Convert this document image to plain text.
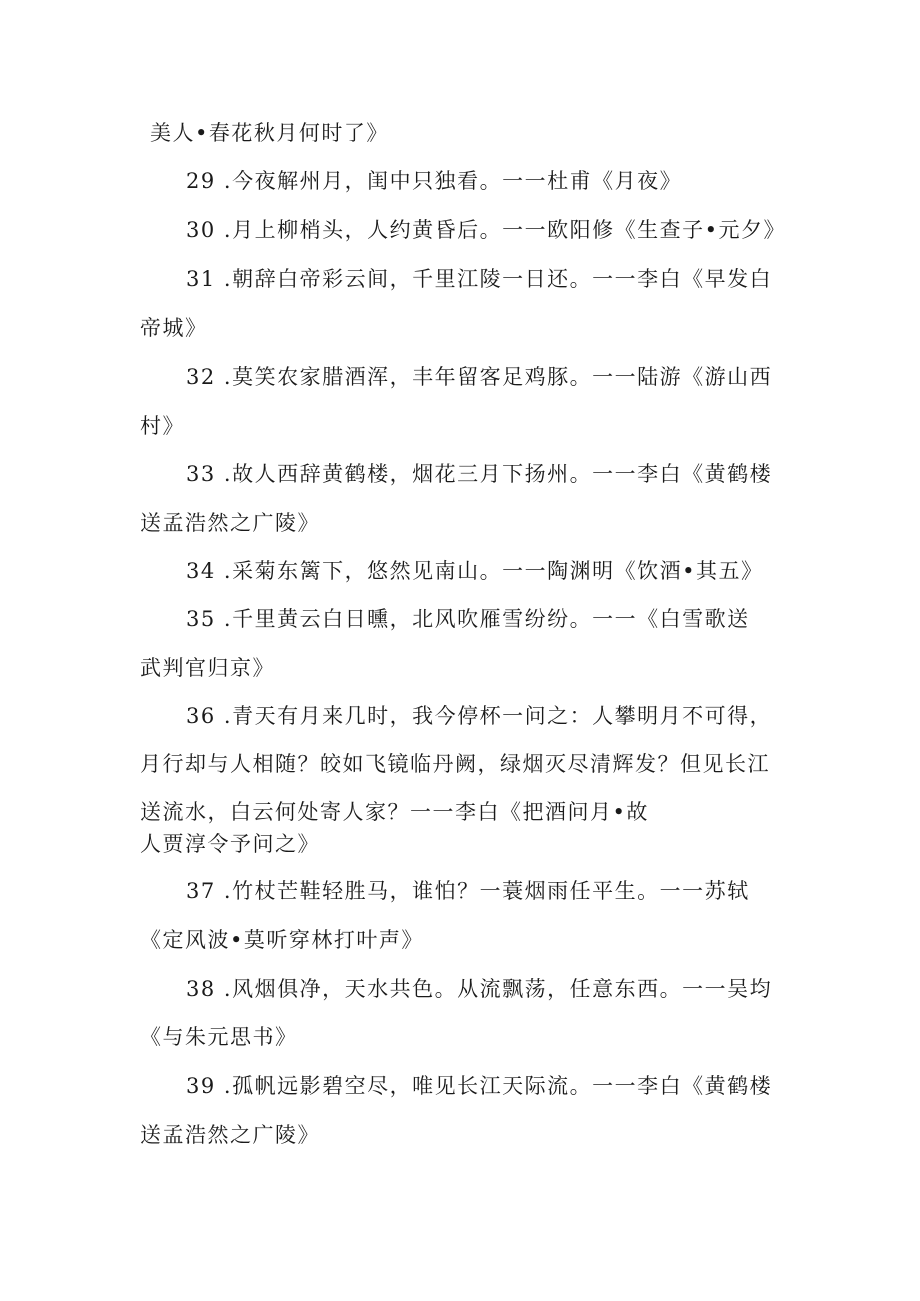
美人•春花秋月何时了》
29 .今夜解州月，闺中只独看。一一杜甫《月夜》
30 .月上柳梢头，人约黄昏后。一一欧阳修《生查子•元夕》
31 .朝辞白帝彩云间，千里江陵一日还。一一李白《早发白
帝城》
32 .莫笑农家腊酒浑，丰年留客足鸡豚。一一陆游《游山西
村》
33 .故人西辞黄鹤楼，烟花三月下扬州。一一李白《黄鹤楼
送孟浩然之广陵》
34 .采菊东篱下，悠然见南山。一一陶渊明《饮酒•其五》
35 .千里黄云白日曛，北风吹雁雪纷纷。一一《白雪歌送
武判官归京》
36 .青天有月来几时，我今停杯一问之：人攀明月不可得，
月行却与人相随？皎如飞镜临丹阙，绿烟灭尽清辉发？但见长江
送流水，白云何处寄人家？一一李白《把酒问月•故
人贾淳令予问之》
37 .竹杖芒鞋轻胜马，谁怕？一蓑烟雨任平生。一一苏轼
《定风波•莫听穿林打叶声》
38 .风烟俱净，天水共色。从流飘荡，任意东西。一一吴均
《与朱元思书》
39 .孤帆远影碧空尽，唯见长江天际流。一一李白《黄鹤楼
送孟浩然之广陵》
